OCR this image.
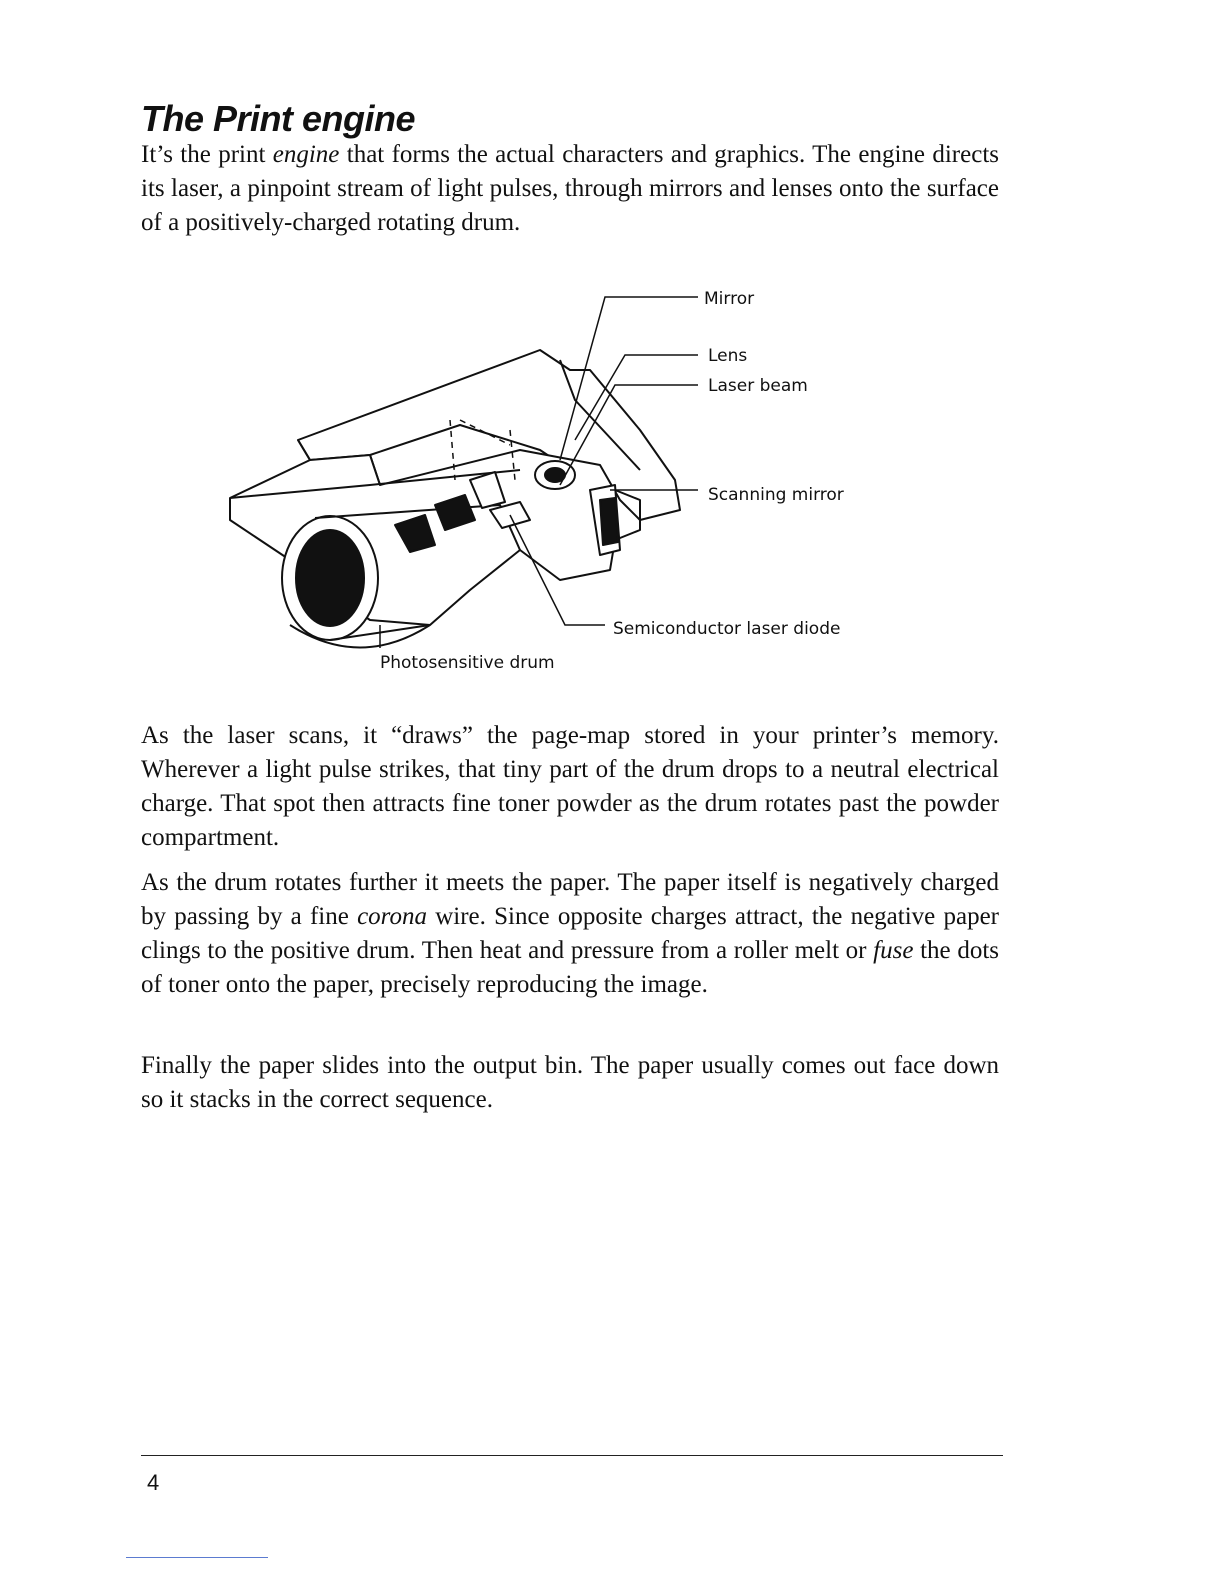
The Print engine

It’s the print engine that forms the actual characters and graphics. The engine directs its laser, a pinpoint stream of light pulses, through mirrors and lenses onto the surface of a positively-charged rotating drum.

Mirror
Lens
Laser beam
Scanning mirror
Semiconductor laser diode
Photosensitive drum

As the laser scans, it “draws” the page-map stored in your printer’s memory. Wherever a light pulse strikes, that tiny part of the drum drops to a neutral electrical charge. That spot then attracts fine toner powder as the drum rotates past the powder compartment.

As the drum rotates further it meets the paper. The paper itself is negatively charged by passing by a fine corona wire. Since opposite charges attract, the negative paper clings to the positive drum. Then heat and pressure from a roller melt or fuse the dots of toner onto the paper, precisely reproducing the image.

Finally the paper slides into the output bin. The paper usually comes out face down so it stacks in the correct sequence.

4
